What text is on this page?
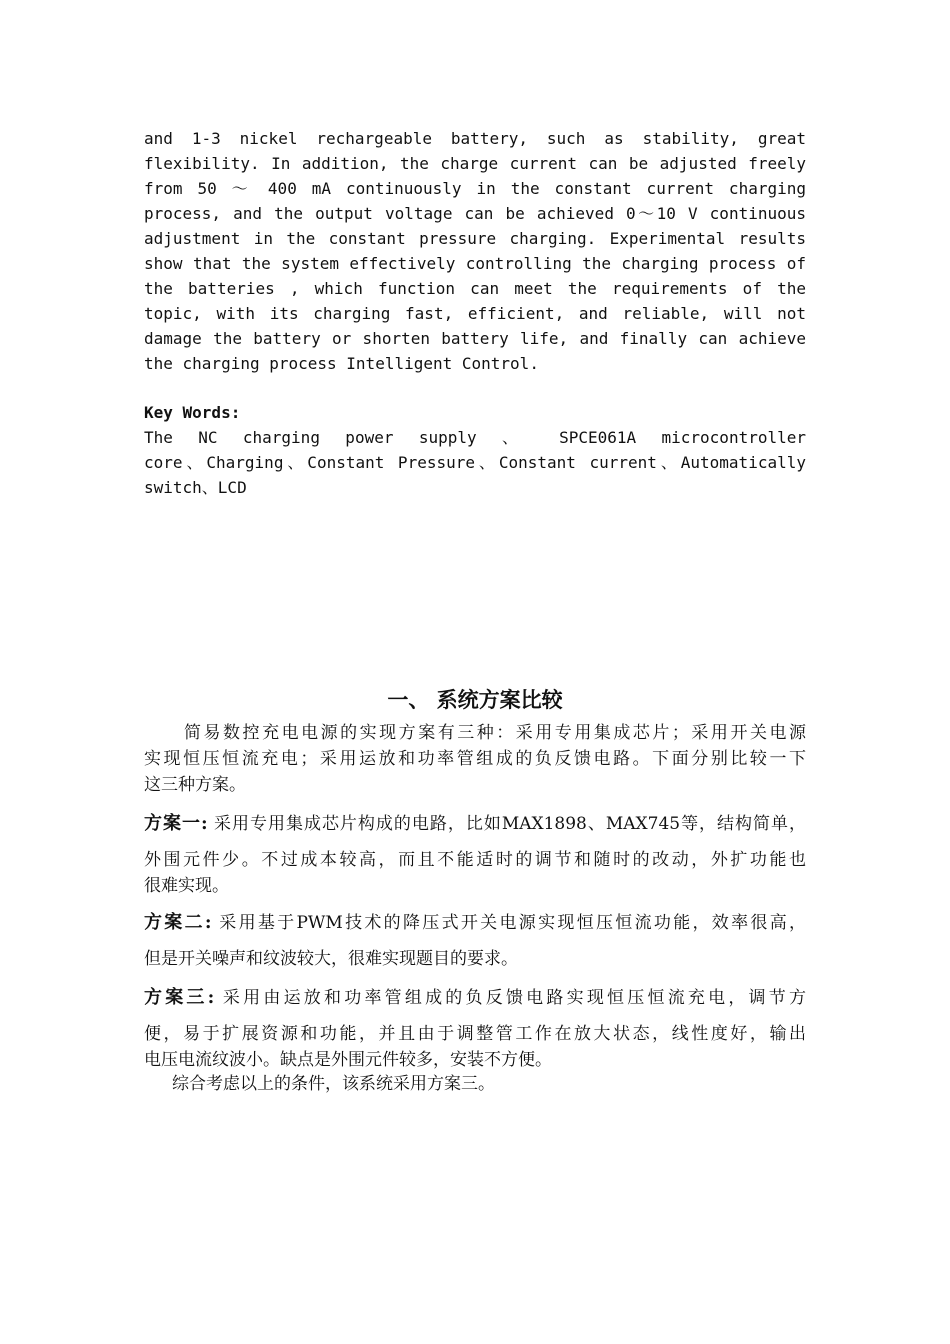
and 1-3 nickel rechargeable battery, such as stability, great
flexibility. In addition, the charge current can be adjusted freely
from 50 ～ 400 mA continuously in the constant current charging
process, and the output voltage can be achieved 0～10 V continuous
adjustment in the constant pressure charging. Experimental results
show that the system effectively controlling the charging process of
the batteries , which function can meet the requirements of the
topic, with its charging fast, efficient, and reliable, will not
damage the battery or shorten battery life, and finally can achieve
the charging process Intelligent Control.
Key Words:
The NC charging power supply 、 SPCE061A microcontroller
core、Charging、Constant Pressure、Constant current、Automatically
switch、LCD
一、 系统方案比较
简易数控充电电源的实现方案有三种：采用专用集成芯片；采用开关电源
实现恒压恒流充电；采用运放和功率管组成的负反馈电路。下面分别比较一下
这三种方案。
方案一: 采用专用集成芯片构成的电路，比如MAX1898、MAX745等，结构简单，
外围元件少。不过成本较高，而且不能适时的调节和随时的改动，外扩功能也
很难实现。
方案二: 采用基于PWM技术的降压式开关电源实现恒压恒流功能，效率很高，
但是开关噪声和纹波较大，很难实现题目的要求。
方案三: 采用由运放和功率管组成的负反馈电路实现恒压恒流充电，调节方
便，易于扩展资源和功能，并且由于调整管工作在放大状态，线性度好，输出
电压电流纹波小。缺点是外围元件较多，安装不方便。
综合考虑以上的条件，该系统采用方案三。
